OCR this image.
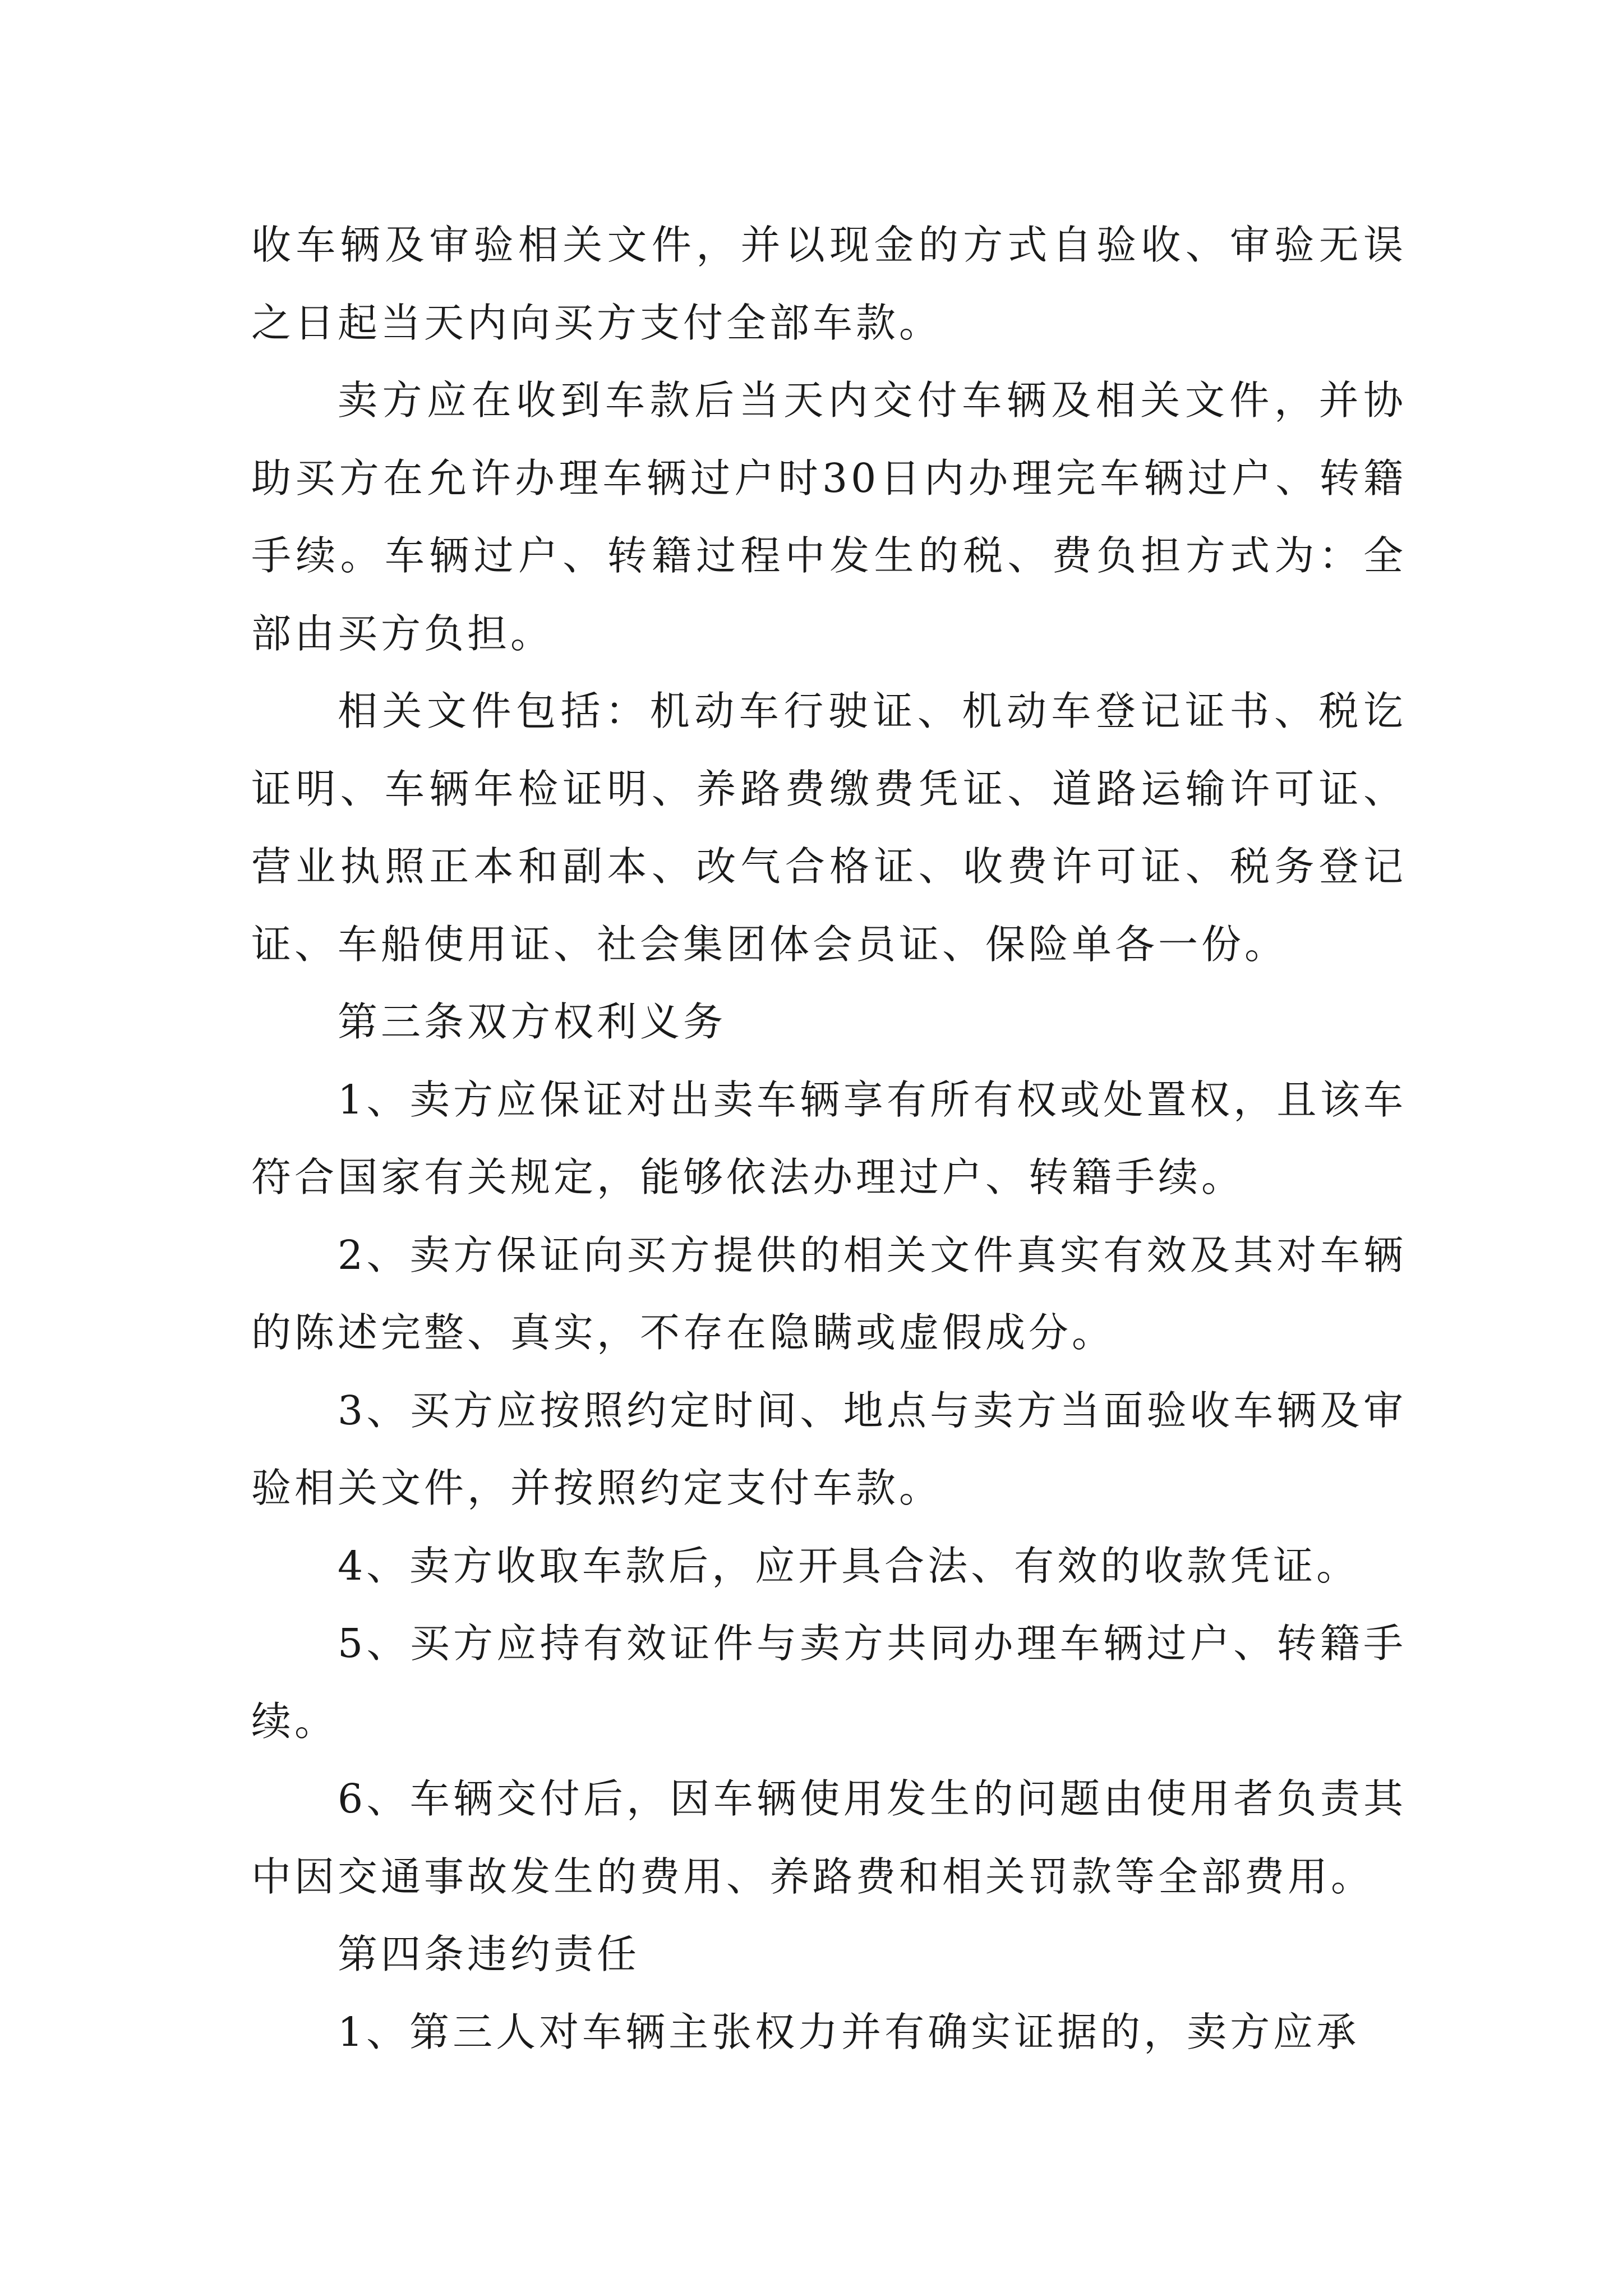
收车辆及审验相关文件，并以现金的方式自验收、审验无误之日起当天内向买方支付全部车款。

卖方应在收到车款后当天内交付车辆及相关文件，并协助买方在允许办理车辆过户时30日内办理完车辆过户、转籍手续。车辆过户、转籍过程中发生的税、费负担方式为：全部由买方负担。

相关文件包括：机动车行驶证、机动车登记证书、税讫证明、车辆年检证明、养路费缴费凭证、道路运输许可证、营业执照正本和副本、改气合格证、收费许可证、税务登记证、车船使用证、社会集团体会员证、保险单各一份。

第三条双方权利义务

1、卖方应保证对出卖车辆享有所有权或处置权，且该车符合国家有关规定，能够依法办理过户、转籍手续。

2、卖方保证向买方提供的相关文件真实有效及其对车辆的陈述完整、真实，不存在隐瞒或虚假成分。

3、买方应按照约定时间、地点与卖方当面验收车辆及审验相关文件，并按照约定支付车款。

4、卖方收取车款后，应开具合法、有效的收款凭证。

5、买方应持有效证件与卖方共同办理车辆过户、转籍手续。

6、车辆交付后，因车辆使用发生的问题由使用者负责其中因交通事故发生的费用、养路费和相关罚款等全部费用。

第四条违约责任

1、第三人对车辆主张权力并有确实证据的，卖方应承
